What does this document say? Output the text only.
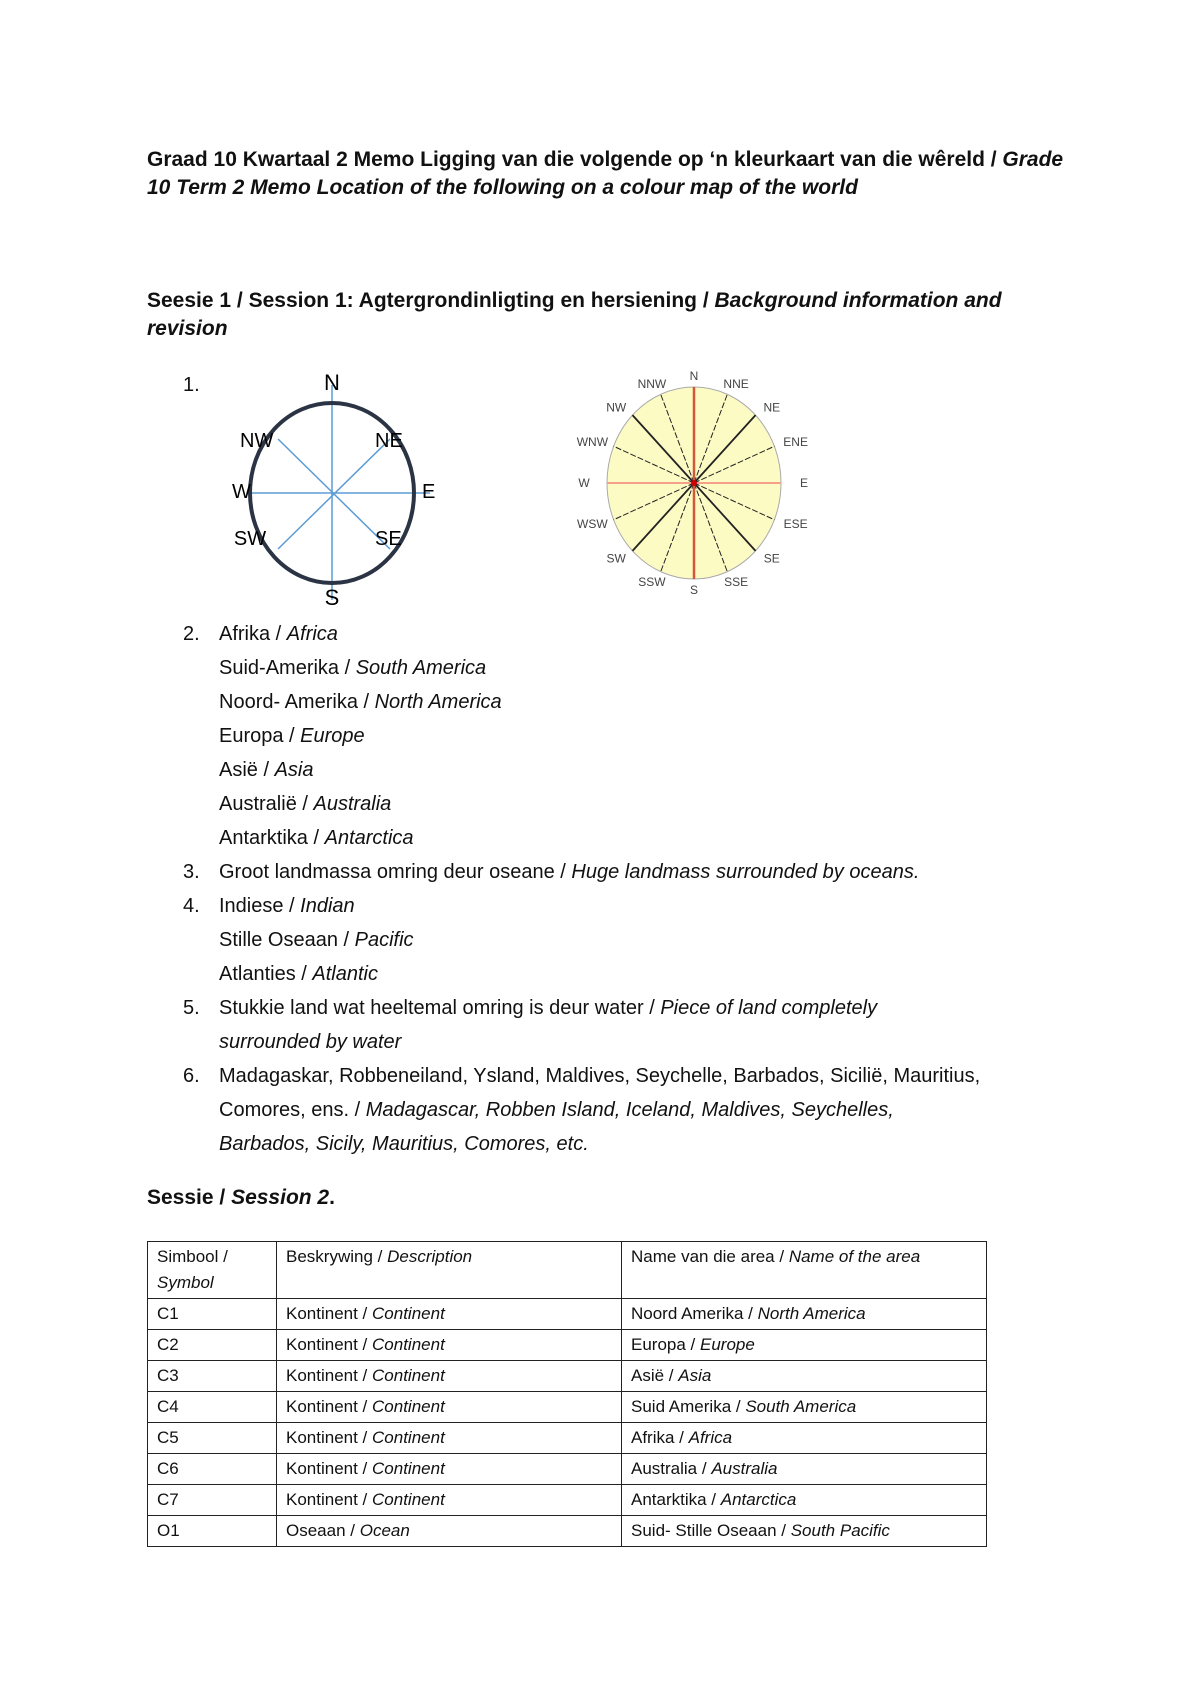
Graad 10 Kwartaal 2 Memo Ligging van die volgende op ‘n kleurkaart van die wêreld / Grade 10 Term 2 Memo Location of the following on a colour map of the world
Seesie 1 / Session 1: Agtergrondinligting en hersiening / Background information and revision
1.	N
NE
E
SE
S
SW
W
NW
N
NNE
NE
ENE
E
ESE
SE
SSE
S
SSW
SW
WSW
W
WNW
NW
NNW
2. Afrika / Africa
Suid-Amerika / South America
Noord- Amerika / North America
Europa / Europe
Asië / Asia
Australië / Australia
Antarktika / Antarctica
3. Groot landmassa omring deur oseane / Huge landmass surrounded by oceans.
4. Indiese / Indian
Stille Oseaan / Pacific
Atlanties / Atlantic
5. Stukkie land wat heeltemal omring is deur water / Piece of land completely
surrounded by water
6. Madagaskar, Robbeneiland, Ysland, Maldives, Seychelle, Barbados, Sicilië, Mauritius,
Comores, ens. / Madagascar, Robben Island, Iceland, Maldives, Seychelles,
Barbados, Sicily, Mauritius, Comores, etc.
Sessie / Session 2.
Simbool / Symbol	Beskrywing / Description	Name van die area / Name of the area
C1	Kontinent / Continent	Noord Amerika / North America
C2	Kontinent / Continent	Europa / Europe
C3	Kontinent / Continent	Asië / Asia
C4	Kontinent / Continent	Suid Amerika / South America
C5	Kontinent / Continent	Afrika / Africa
C6	Kontinent / Continent	Australia / Australia
C7	Kontinent / Continent	Antarktika / Antarctica
O1	Oseaan / Ocean	Suid- Stille Oseaan / South Pacific
